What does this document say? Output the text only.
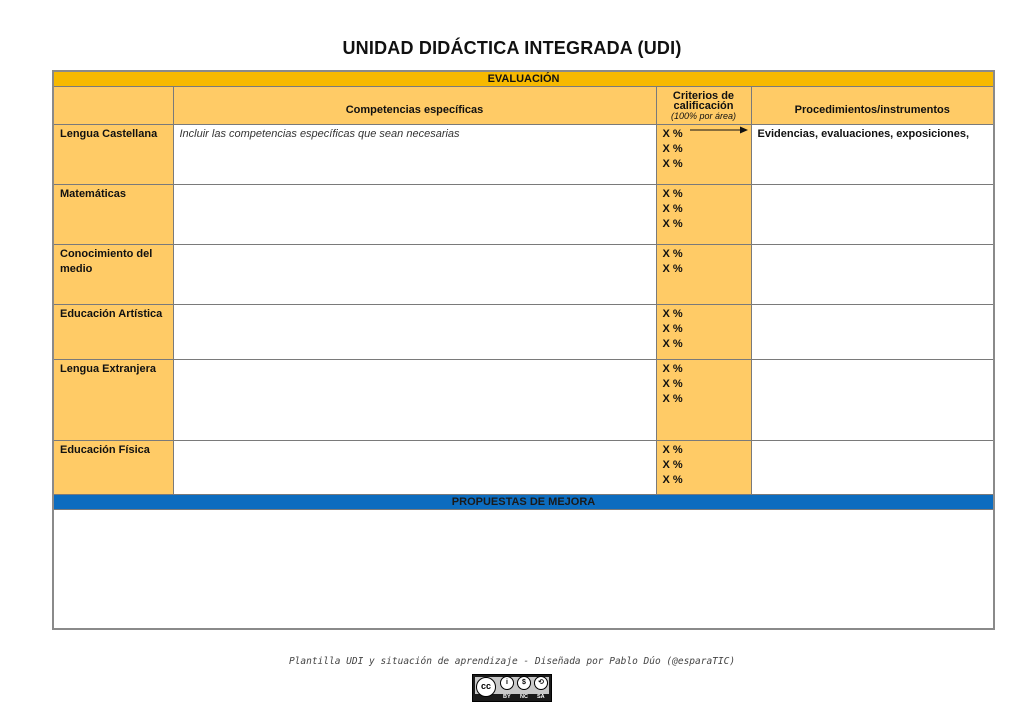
UNIDAD DIDÁCTICA INTEGRADA (UDI)
EVALUACIÓN			
	Competencias específicas	Criterios de
calificación
(100% por área)	Procedimientos/instrumentos
Lengua Castellana	Incluir las competencias específicas que sean necesarias	X %
X %
X %	Evidencias, evaluaciones, exposiciones,
Matemáticas		X %
X %
X %	

Conocimiento del medio		X %
X %	

Educación Artística		X %
X %
X %	

Lengua Extranjera		X %
X %
X %	

Educación Física		X %
X %
X %	

PROPUESTAS DE MEJORA			

Plantilla UDI y situación de aprendizaje - Diseñada por Pablo Dúo (@esparaTIC)
cc	i	$	⟲
BY NC SA
